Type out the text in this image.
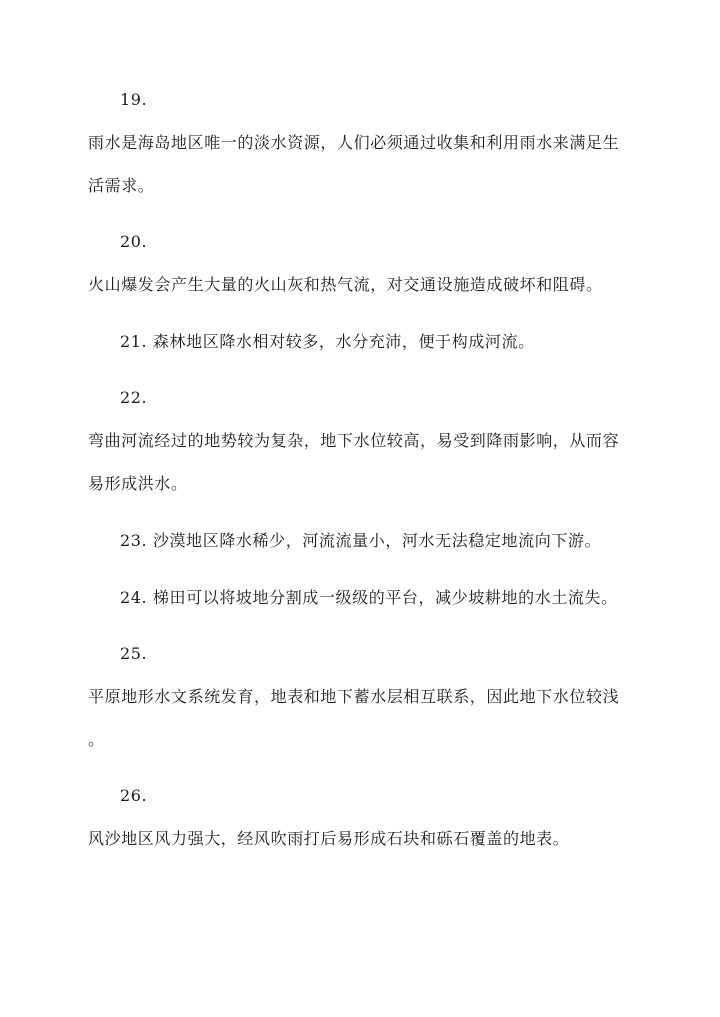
19.
雨水是海岛地区唯一的淡水资源，人们必须通过收集和利用雨水来满足生
活需求。
20.
火山爆发会产生大量的火山灰和热气流，对交通设施造成破坏和阻碍。
21. 森林地区降水相对较多，水分充沛，便于构成河流。
22.
弯曲河流经过的地势较为复杂，地下水位较高，易受到降雨影响，从而容
易形成洪水。
23. 沙漠地区降水稀少，河流流量小，河水无法稳定地流向下游。
24. 梯田可以将坡地分割成一级级的平台，减少坡耕地的水土流失。
25.
平原地形水文系统发育，地表和地下蓄水层相互联系，因此地下水位较浅
。
26.
风沙地区风力强大，经风吹雨打后易形成石块和砾石覆盖的地表。
